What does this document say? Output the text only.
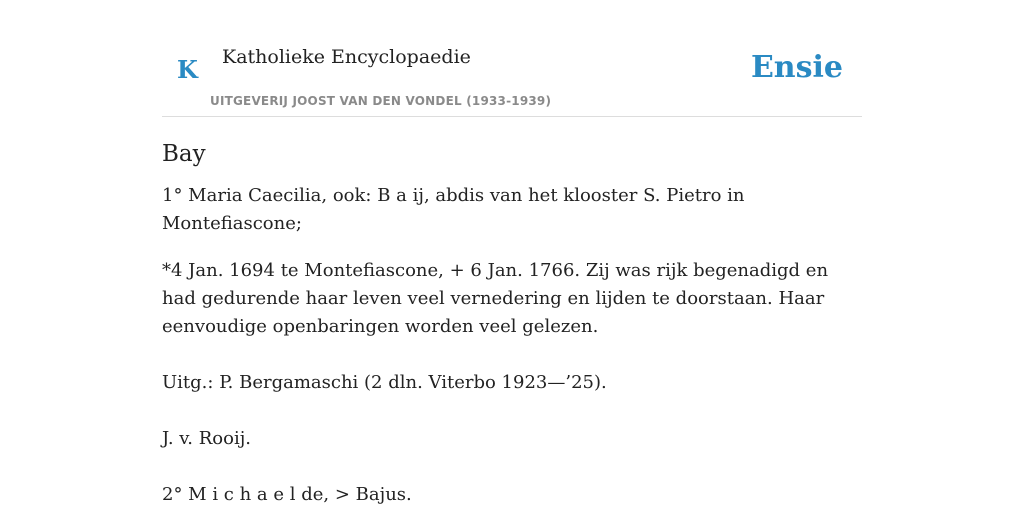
K Katholieke Encyclopaedie
UITGEVERIJ JOOST VAN DEN VONDEL (1933-1939)
Ensie
Bay

1° Maria Caecilia, ook: B a ij, abdis van het klooster S. Pietro in Montefiascone;

*4 Jan. 1694 te Montefiascone, + 6 Jan. 1766. Zij was rijk begenadigd en had gedurende haar leven veel vernedering en lijden te doorstaan. Haar eenvoudige openbaringen worden veel gelezen.

Uitg.: P. Bergamaschi (2 dln. Viterbo 1923—’25).

J. v. Rooij.

2° M i c h a e l de, > Bajus.
